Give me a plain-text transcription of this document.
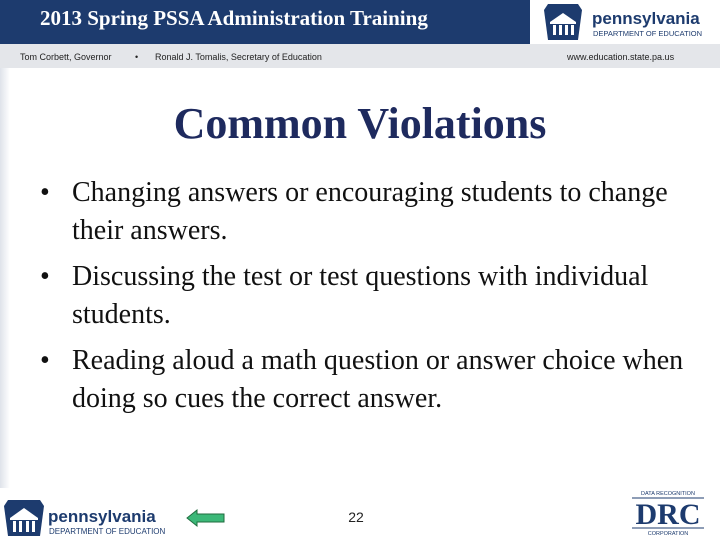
2013 Spring PSSA Administration Training	pennsylvania
DEPARTMENT OF EDUCATION
Tom Corbett, Governor	• Ronald J. Tomalis, Secretary of Education	www.education.state.pa.us
Common Violations
• Changing answers or encouraging students to change their answers.
• Discussing the test or test questions with individual students.
• Reading aloud a math question or answer choice when doing so cues the correct answer.
pennsylvania
DEPARTMENT OF EDUCATION
22
DATA RECOGNITION
DRC
CORPORATION
